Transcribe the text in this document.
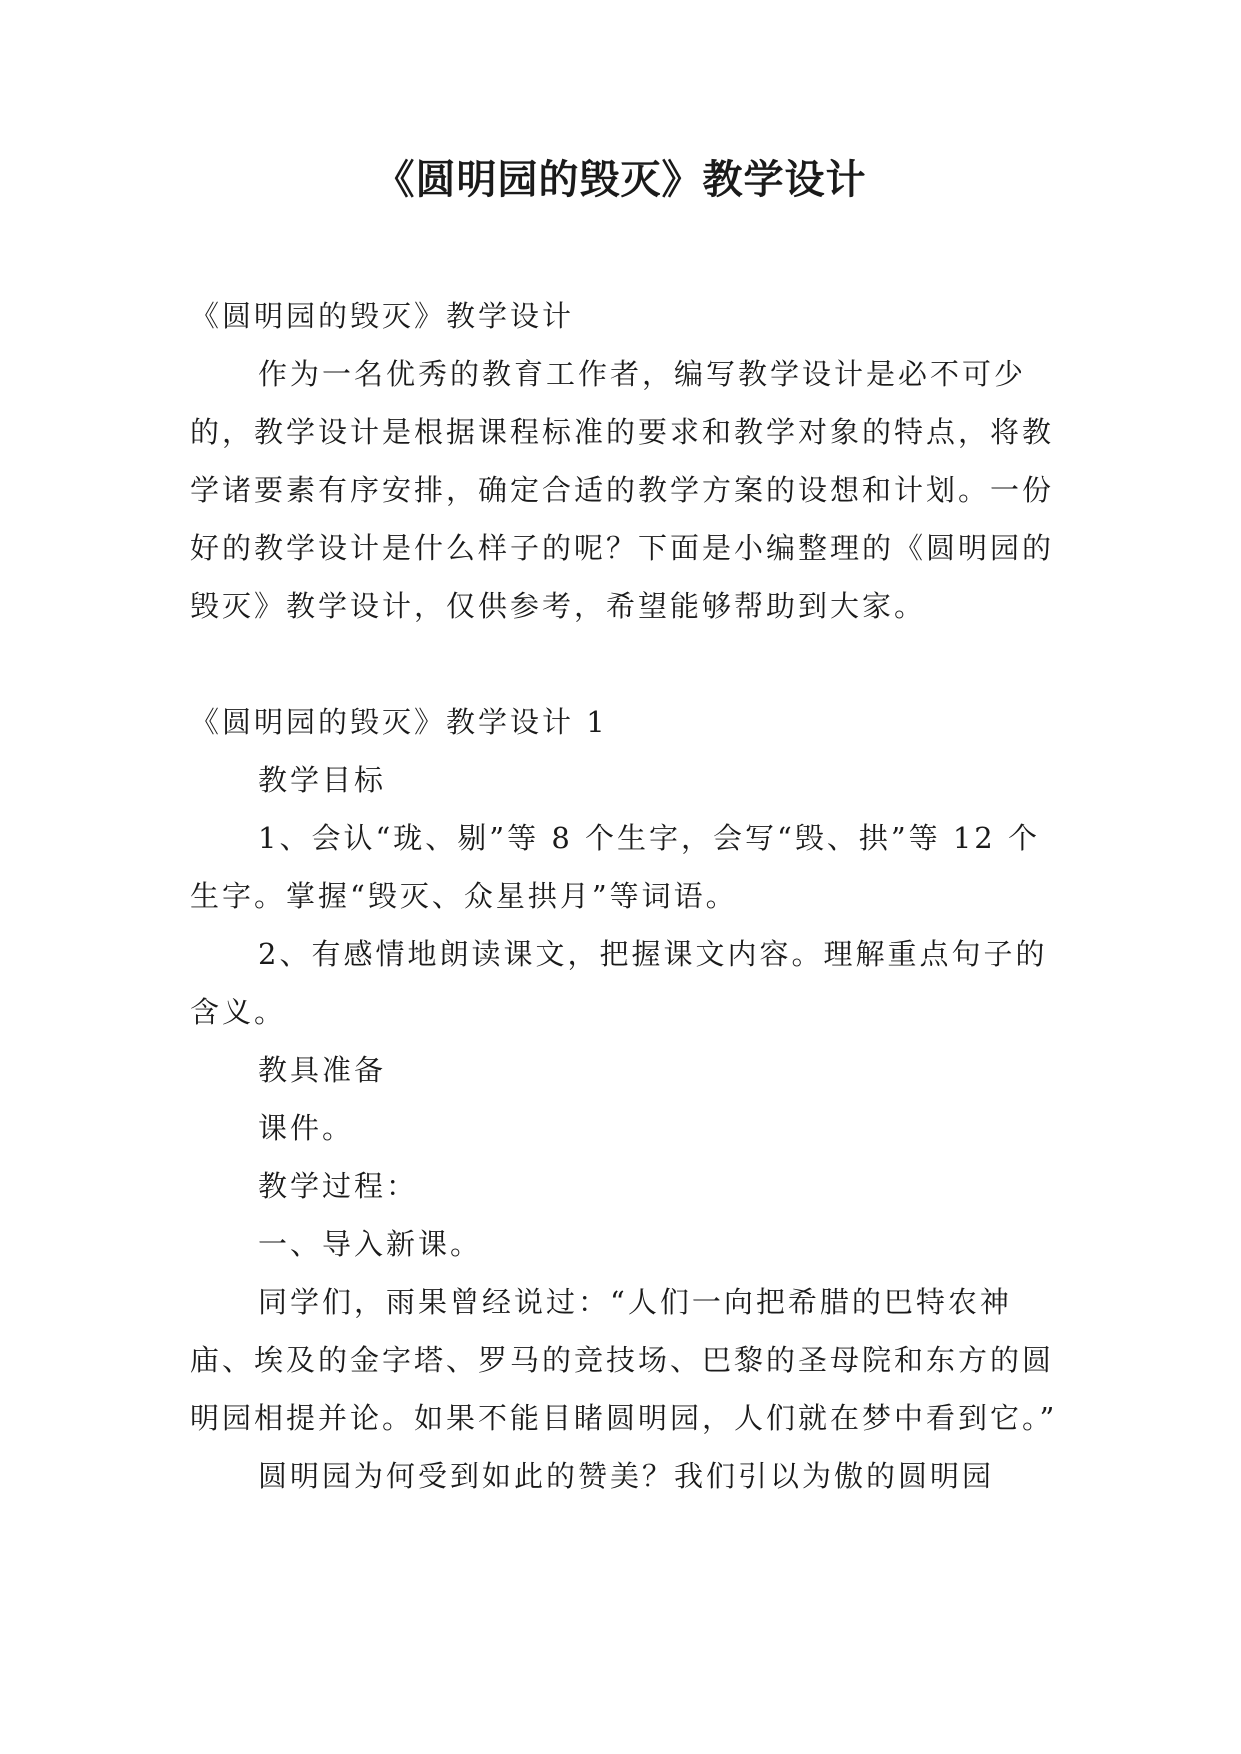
《圆明园的毁灭》教学设计

《圆明园的毁灭》教学设计

作为一名优秀的教育工作者，编写教学设计是必不可少的，教学设计是根据课程标准的要求和教学对象的特点，将教学诸要素有序安排，确定合适的教学方案的设想和计划。一份好的教学设计是什么样子的呢？下面是小编整理的《圆明园的毁灭》教学设计，仅供参考，希望能够帮助到大家。

《圆明园的毁灭》教学设计 1

教学目标

1、会认“珑、剔”等 8 个生字，会写“毁、拱”等 12 个生字。掌握“毁灭、众星拱月”等词语。

2、有感情地朗读课文，把握课文内容。理解重点句子的含义。

教具准备

课件。

教学过程：

一、导入新课。

同学们，雨果曾经说过：“人们一向把希腊的巴特农神庙、埃及的金字塔、罗马的竞技场、巴黎的圣母院和东方的圆明园相提并论。如果不能目睹圆明园，人们就在梦中看到它。”

圆明园为何受到如此的赞美？我们引以为傲的圆明园
